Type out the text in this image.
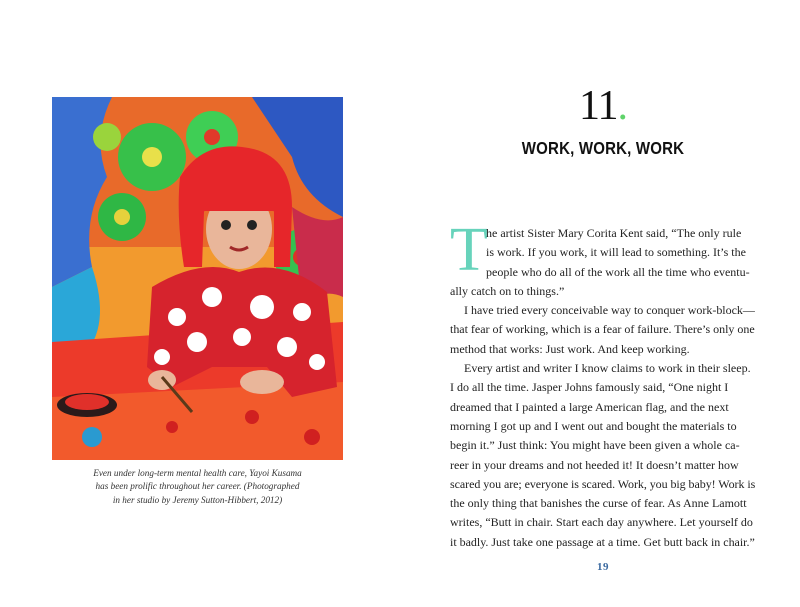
Even under long-term mental health care, Yayoi Kusama
has been prolific throughout her career. (Photographed
in her studio by Jeremy Sutton-Hibbert, 2012)
11.
WORK, WORK, WORK
T
he artist Sister Mary Corita Kent said, “The only rule
is work. If you work, it will lead to something. It’s the
people who do all of the work all the time who eventu-
ally catch on to things.”
I have tried every conceivable way to conquer work-block—
that fear of working, which is a fear of failure. There’s only one
method that works: Just work. And keep working.
Every artist and writer I know claims to work in their sleep.
I do all the time. Jasper Johns famously said, “One night I
dreamed that I painted a large American flag, and the next
morning I got up and I went out and bought the materials to
begin it.” Just think: You might have been given a whole ca-
reer in your dreams and not heeded it! It doesn’t matter how
scared you are; everyone is scared. Work, you big baby! Work is
the only thing that banishes the curse of fear. As Anne Lamott
writes, “Butt in chair. Start each day anywhere. Let yourself do
it badly. Just take one passage at a time. Get butt back in chair.”
19
